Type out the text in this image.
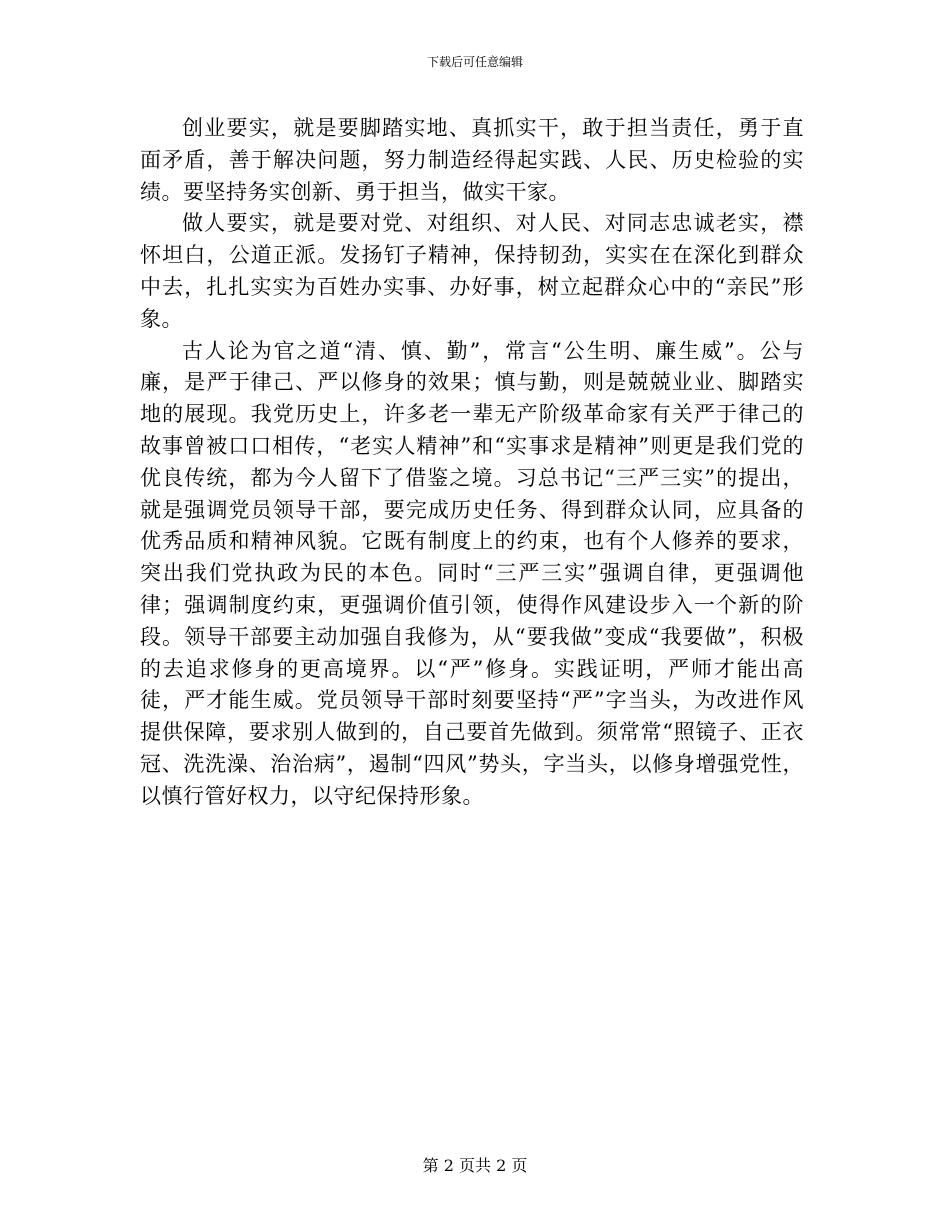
下载后可任意编辑

创业要实，就是要脚踏实地、真抓实干，敢于担当责任，勇于直面矛盾，善于解决问题，努力制造经得起实践、人民、历史检验的实绩。要坚持务实创新、勇于担当，做实干家。

做人要实，就是要对党、对组织、对人民、对同志忠诚老实，襟怀坦白，公道正派。发扬钉子精神，保持韧劲，实实在在深化到群众中去，扎扎实实为百姓办实事、办好事，树立起群众心中的“亲民”形象。

古人论为官之道“清、慎、勤”，常言“公生明、廉生威”。公与廉，是严于律己、严以修身的效果；慎与勤，则是兢兢业业、脚踏实地的展现。我党历史上，许多老一辈无产阶级革命家有关严于律己的故事曾被口口相传，“老实人精神”和“实事求是精神”则更是我们党的优良传统，都为今人留下了借鉴之境。习总书记“三严三实”的提出，就是强调党员领导干部，要完成历史任务、得到群众认同，应具备的优秀品质和精神风貌。它既有制度上的约束，也有个人修养的要求，突出我们党执政为民的本色。同时“三严三实”强调自律，更强调他律；强调制度约束，更强调价值引领，使得作风建设步入一个新的阶段。领导干部要主动加强自我修为，从“要我做”变成“我要做”，积极的去追求修身的更高境界。以“严”修身。实践证明，严师才能出高徒，严才能生威。党员领导干部时刻要坚持“严”字当头，为改进作风提供保障，要求别人做到的，自己要首先做到。须常常“照镜子、正衣冠、洗洗澡、治治病”，遏制“四风”势头，字当头，以修身增强党性，以慎行管好权力，以守纪保持形象。

第 2 页共 2 页
